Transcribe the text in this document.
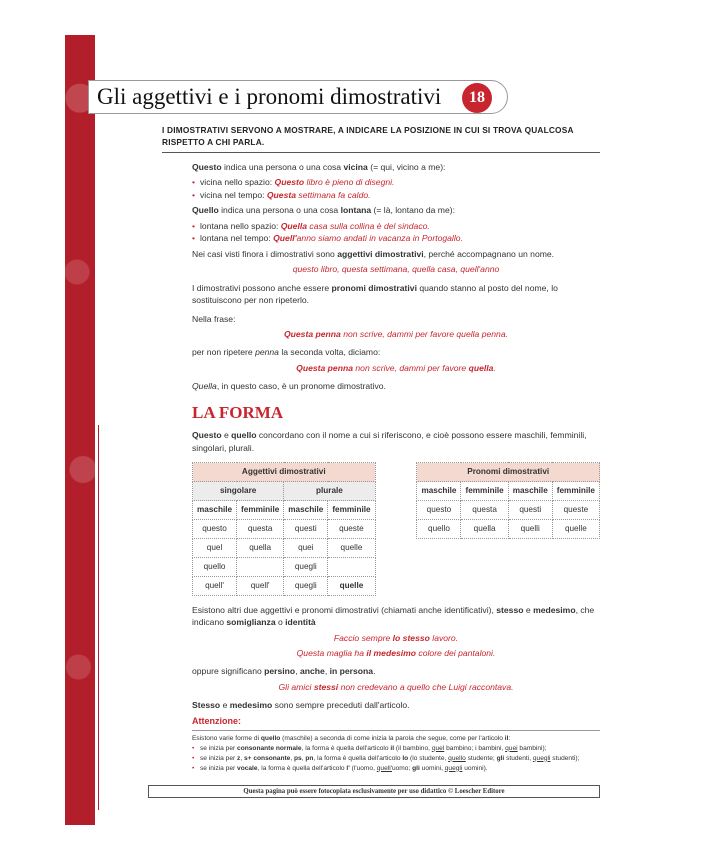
Gli aggettivi e i pronomi dimostrativi	18
I DIMOSTRATIVI SERVONO A MOSTRARE, A INDICARE LA POSIZIONE IN CUI SI TROVA QUALCOSA RISPETTO A CHI PARLA.
Questo indica una persona o una cosa vicina (= qui, vicino a me):
• vicina nello spazio: Questo libro è pieno di disegni.
• vicina nel tempo: Questa settimana fa caldo.
Quello indica una persona o una cosa lontana (= là, lontano da me):
• lontana nello spazio: Quella casa sulla collina è del sindaco.
• lontana nel tempo: Quell'anno siamo andati in vacanza in Portogallo.
Nei casi visti finora i dimostrativi sono aggettivi dimostrativi, perché accompagnano un nome.
questo libro, questa settimana, quella casa, quell'anno
I dimostrativi possono anche essere pronomi dimostrativi quando stanno al posto del nome, lo sostituiscono per non ripeterlo.
Nella frase:
Questa penna non scrive, dammi per favore quella penna.
per non ripetere penna la seconda volta, diciamo:
Questa penna non scrive, dammi per favore quella.
Quella, in questo caso, è un pronome dimostrativo.
LA FORMA
Questo e quello concordano con il nome a cui si riferiscono, e cioè possono essere maschili, femminili, singolari, plurali.
Aggettivi dimostrativi			
singolare		plurale	
maschile	femminile	maschile	femminile
questo	questa	questi	queste
quel	quella	quei	quelle
quello		quegli	
quell'	quell'	quegli	quelle
Pronomi dimostrativi			
maschile	femminile	maschile	femminile
questo	questa	questi	queste
quello	quella	quelli	quelle
Esistono altri due aggettivi e pronomi dimostrativi (chiamati anche identificativi), stesso e medesimo, che indicano somiglianza o identità
Faccio sempre lo stesso lavoro.
Questa maglia ha il medesimo colore dei pantaloni.
oppure significano persino, anche, in persona.
Gli amici stessi non credevano a quello che Luigi raccontava.
Stesso e medesimo sono sempre preceduti dall'articolo.
Attenzione:
Esistono varie forme di quello (maschile) a seconda di come inizia la parola che segue, come per l'articolo il:
• se inizia per consonante normale, la forma è quella dell'articolo il (il bambino, quel bambino; i bambini, quei bambini);
• se inizia per z, s+ consonante, ps, pn, la forma è quella dell'articolo lo (lo studente, quello studente; gli studenti, quegli studenti);
• se inizia per vocale, la forma è quella dell'articolo l' (l'uomo, quell'uomo; gli uomini, quegli uomini).
Questa pagina può essere fotocopiata esclusivamente per uso didattico © Loescher Editore
